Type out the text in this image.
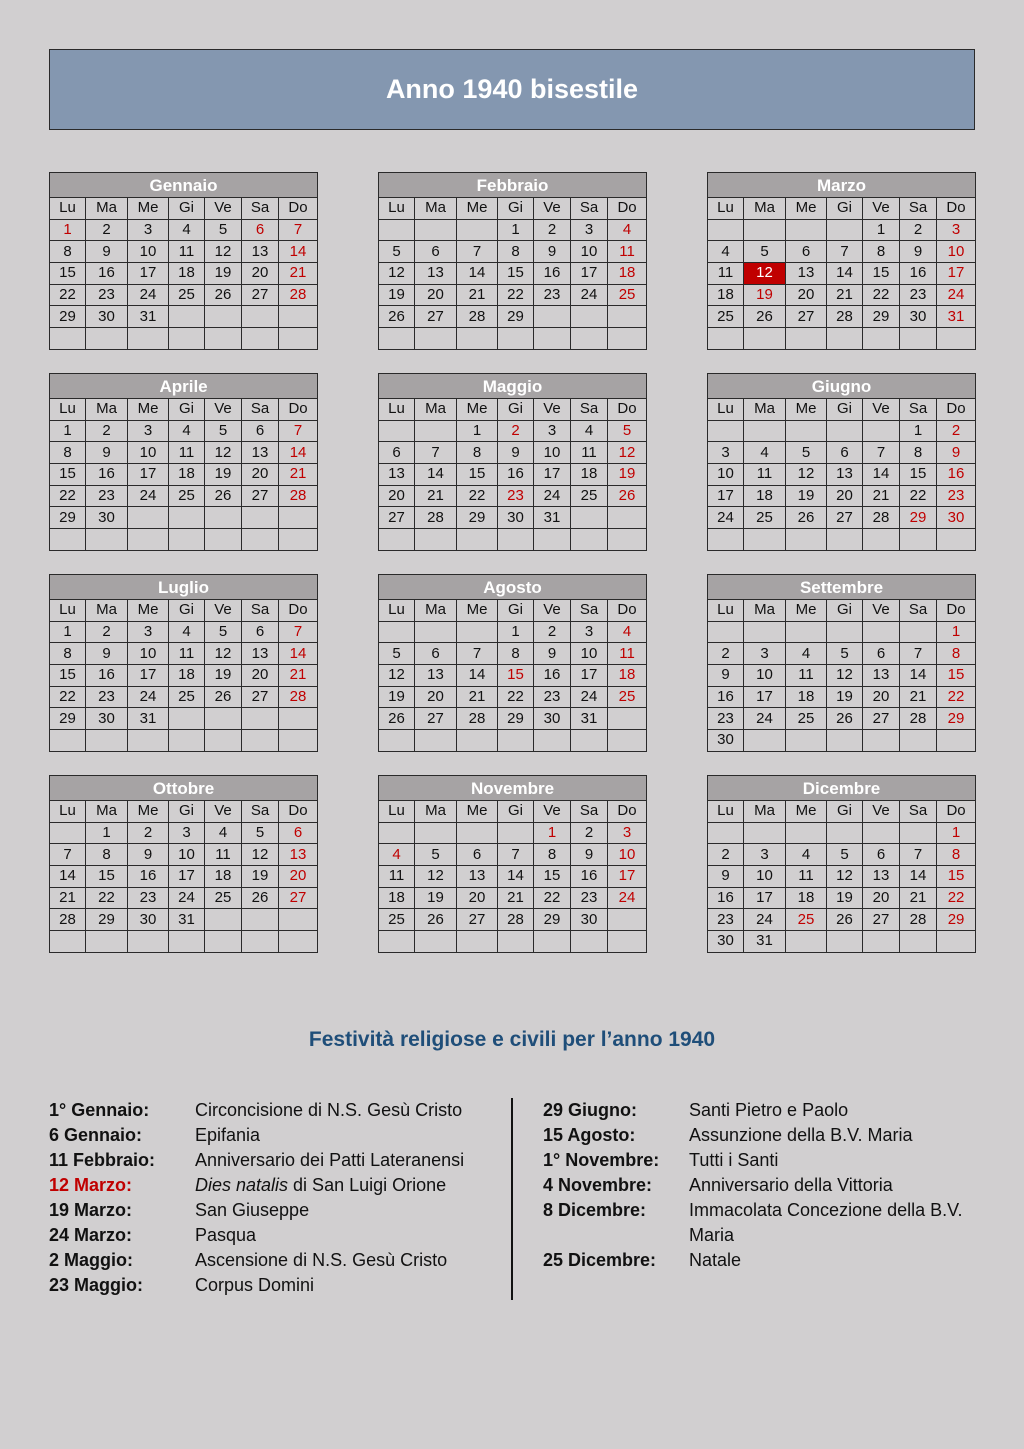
Anno 1940 bisestile
Gennaio						
Lu	Ma	Me	Gi	Ve	Sa	Do
1	2	3	4	5	6	7
8	9	10	11	12	13	14
15	16	17	18	19	20	21
22	23	24	25	26	27	28
29	30	31				

Febbraio						
Lu	Ma	Me	Gi	Ve	Sa	Do
			1	2	3	4
5	6	7	8	9	10	11
12	13	14	15	16	17	18
19	20	21	22	23	24	25
26	27	28	29			

Marzo						
Lu	Ma	Me	Gi	Ve	Sa	Do
				1	2	3
4	5	6	7	8	9	10
11	12	13	14	15	16	17
18	19	20	21	22	23	24
25	26	27	28	29	30	31

Aprile						
Lu	Ma	Me	Gi	Ve	Sa	Do
1	2	3	4	5	6	7
8	9	10	11	12	13	14
15	16	17	18	19	20	21
22	23	24	25	26	27	28
29	30					

Maggio						
Lu	Ma	Me	Gi	Ve	Sa	Do
		1	2	3	4	5
6	7	8	9	10	11	12
13	14	15	16	17	18	19
20	21	22	23	24	25	26
27	28	29	30	31		

Giugno						
Lu	Ma	Me	Gi	Ve	Sa	Do
					1	2
3	4	5	6	7	8	9
10	11	12	13	14	15	16
17	18	19	20	21	22	23
24	25	26	27	28	29	30

Luglio						
Lu	Ma	Me	Gi	Ve	Sa	Do
1	2	3	4	5	6	7
8	9	10	11	12	13	14
15	16	17	18	19	20	21
22	23	24	25	26	27	28
29	30	31				

Agosto						
Lu	Ma	Me	Gi	Ve	Sa	Do
			1	2	3	4
5	6	7	8	9	10	11
12	13	14	15	16	17	18
19	20	21	22	23	24	25
26	27	28	29	30	31	

Settembre						
Lu	Ma	Me	Gi	Ve	Sa	Do
						1
2	3	4	5	6	7	8
9	10	11	12	13	14	15
16	17	18	19	20	21	22
23	24	25	26	27	28	29
30						
Ottobre						
Lu	Ma	Me	Gi	Ve	Sa	Do
	1	2	3	4	5	6
7	8	9	10	11	12	13
14	15	16	17	18	19	20
21	22	23	24	25	26	27
28	29	30	31			

Novembre						
Lu	Ma	Me	Gi	Ve	Sa	Do
				1	2	3
4	5	6	7	8	9	10
11	12	13	14	15	16	17
18	19	20	21	22	23	24
25	26	27	28	29	30	

Dicembre						
Lu	Ma	Me	Gi	Ve	Sa	Do
						1
2	3	4	5	6	7	8
9	10	11	12	13	14	15
16	17	18	19	20	21	22
23	24	25	26	27	28	29
30	31					
Festività religiose e civili per l’anno 1940
1° Gennaio:	Circoncisione di N.S. Gesù Cristo
6 Gennaio:	Epifania
11 Febbraio:	Anniversario dei Patti Lateranensi
12 Marzo:	Dies natalis di San Luigi Orione
19 Marzo:	San Giuseppe
24 Marzo:	Pasqua
2 Maggio:	Ascensione di N.S. Gesù Cristo
23 Maggio:	Corpus Domini
29 Giugno:	Santi Pietro e Paolo
15 Agosto:	Assunzione della B.V. Maria
1° Novembre:	Tutti i Santi
4 Novembre:	Anniversario della Vittoria
8 Dicembre:	Immacolata Concezione della B.V. Maria
25 Dicembre:	Natale
